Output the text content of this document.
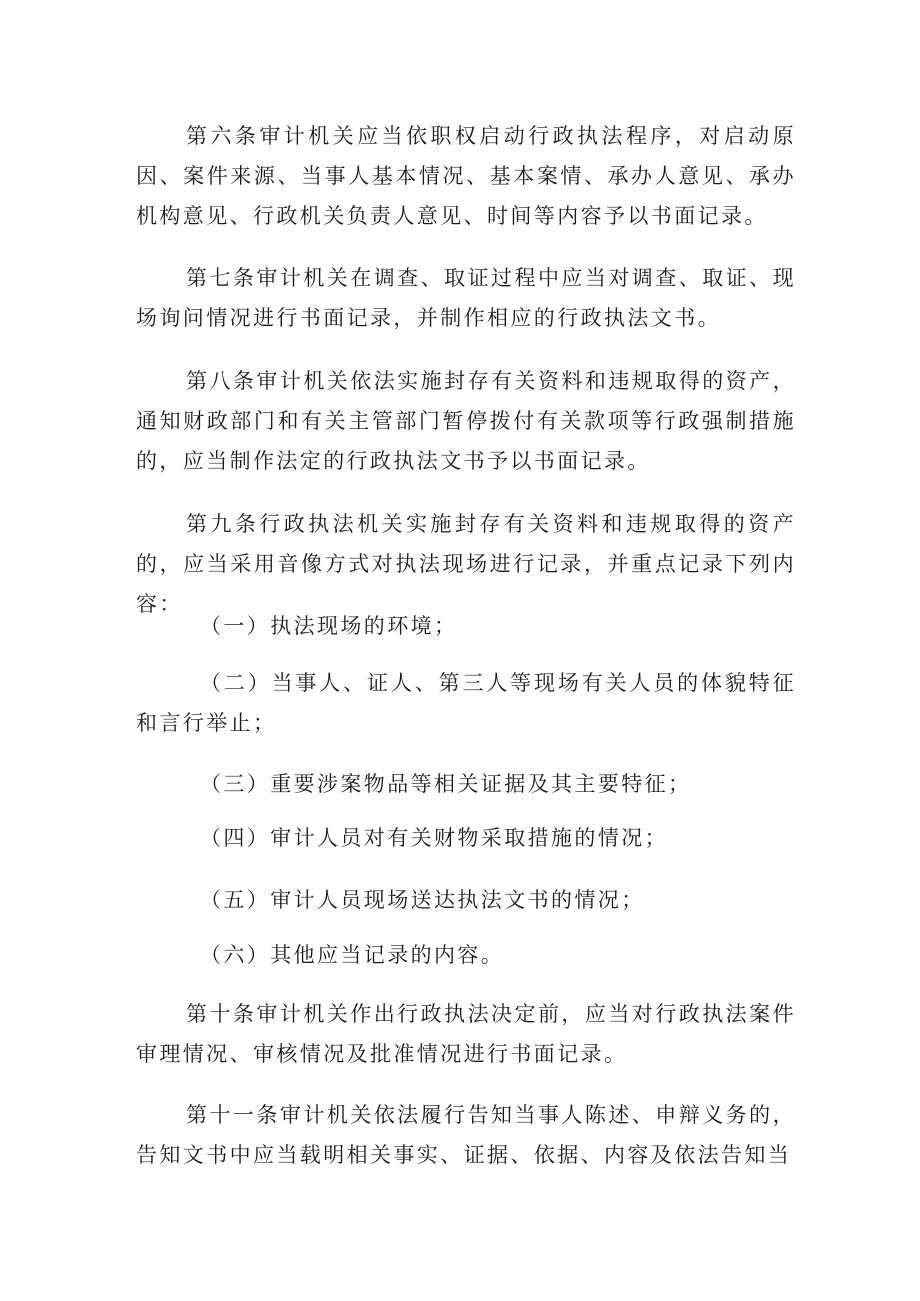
第六条审计机关应当依职权启动行政执法程序，对启动原因、案件来源、当事人基本情况、基本案情、承办人意见、承办机构意见、行政机关负责人意见、时间等内容予以书面记录。

第七条审计机关在调查、取证过程中应当对调查、取证、现场询问情况进行书面记录，并制作相应的行政执法文书。

第八条审计机关依法实施封存有关资料和违规取得的资产，通知财政部门和有关主管部门暂停拨付有关款项等行政强制措施的，应当制作法定的行政执法文书予以书面记录。

第九条行政执法机关实施封存有关资料和违规取得的资产的，应当采用音像方式对执法现场进行记录，并重点记录下列内容：

（一）执法现场的环境；

（二）当事人、证人、第三人等现场有关人员的体貌特征和言行举止；

（三）重要涉案物品等相关证据及其主要特征；

（四）审计人员对有关财物采取措施的情况；

（五）审计人员现场送达执法文书的情况；

（六）其他应当记录的内容。

第十条审计机关作出行政执法决定前，应当对行政执法案件审理情况、审核情况及批准情况进行书面记录。

第十一条审计机关依法履行告知当事人陈述、申辩义务的，告知文书中应当载明相关事实、证据、依据、内容及依法告知当
